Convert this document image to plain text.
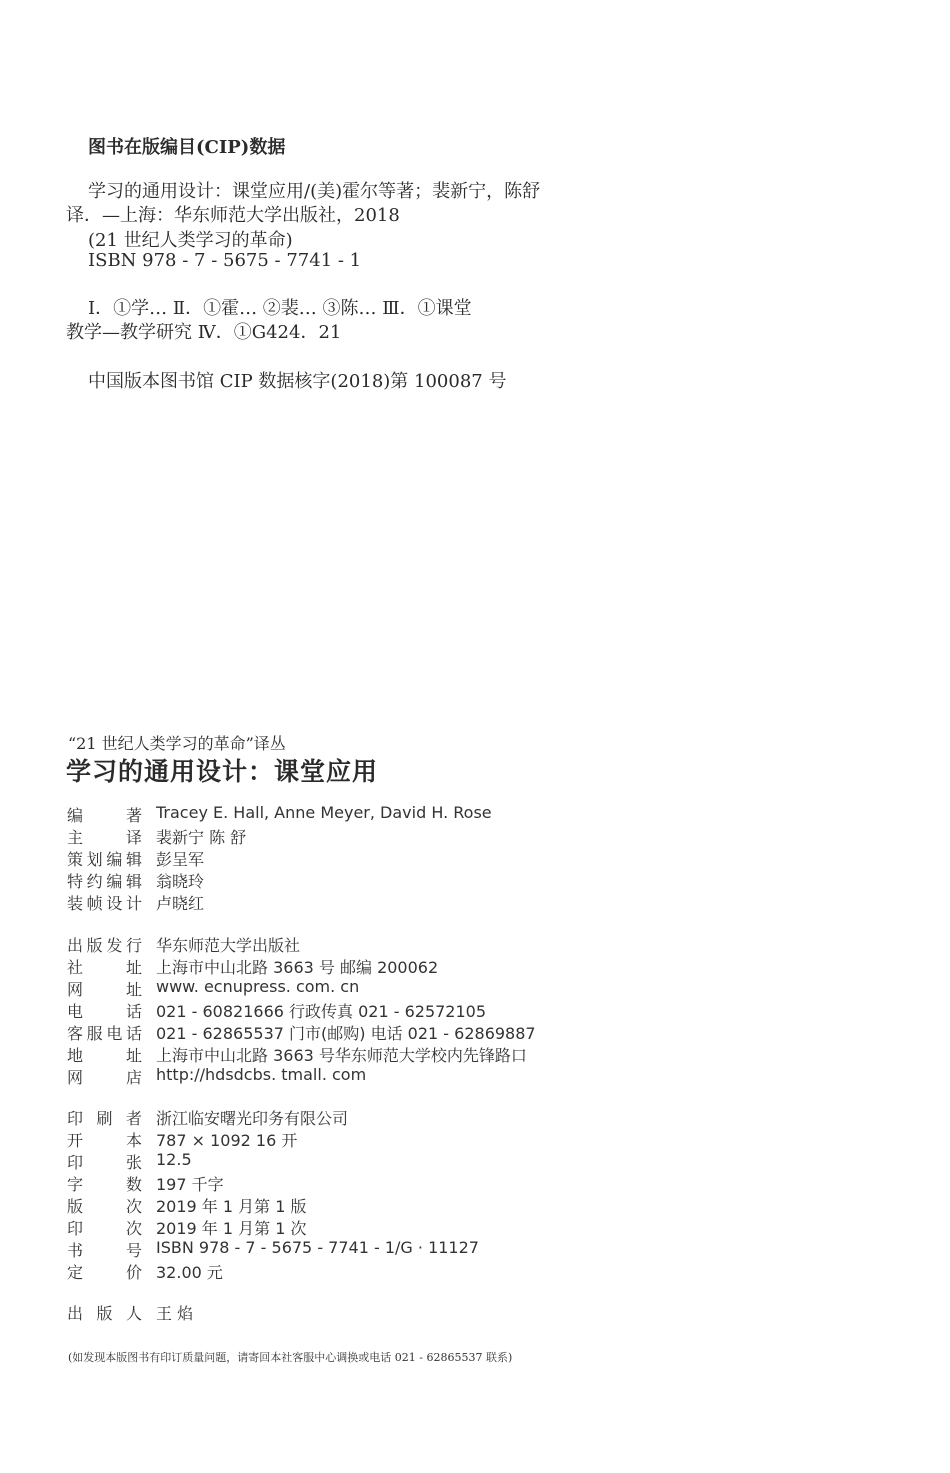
图书在版编目(CIP)数据
学习的通用设计：课堂应用/(美)霍尔等著；裴新宁，陈舒
译．—上海：华东师范大学出版社，2018
(21 世纪人类学习的革命)
ISBN 978 - 7 - 5675 - 7741 - 1
Ⅰ．①学… Ⅱ．①霍… ②裴… ③陈… Ⅲ．①课堂
教学—教学研究 Ⅳ．①G424．21
中国版本图书馆 CIP 数据核字(2018)第 100087 号
“21 世纪人类学习的革命”译丛
学习的通用设计：课堂应用
编 著 Tracey E. Hall, Anne Meyer, David H. Rose
主 译 裴新宁 陈 舒
策划编辑 彭呈军
特约编辑 翁晓玲
装帧设计 卢晓红
出版发行 华东师范大学出版社
社 址 上海市中山北路 3663 号 邮编 200062
网 址 www. ecnupress. com. cn
电 话 021 - 60821666 行政传真 021 - 62572105
客服电话 021 - 62865537 门市(邮购) 电话 021 - 62869887
地 址 上海市中山北路 3663 号华东师范大学校内先锋路口
网 店 http://hdsdcbs. tmall. com
印 刷 者 浙江临安曙光印务有限公司
开 本 787 × 1092 16 开
印 张 12.5
字 数 197 千字
版 次 2019 年 1 月第 1 版
印 次 2019 年 1 月第 1 次
书 号 ISBN 978 - 7 - 5675 - 7741 - 1/G · 11127
定 价 32.00 元
出 版 人 王 焰
(如发现本版图书有印订质量问题，请寄回本社客服中心调换或电话 021 - 62865537 联系)
